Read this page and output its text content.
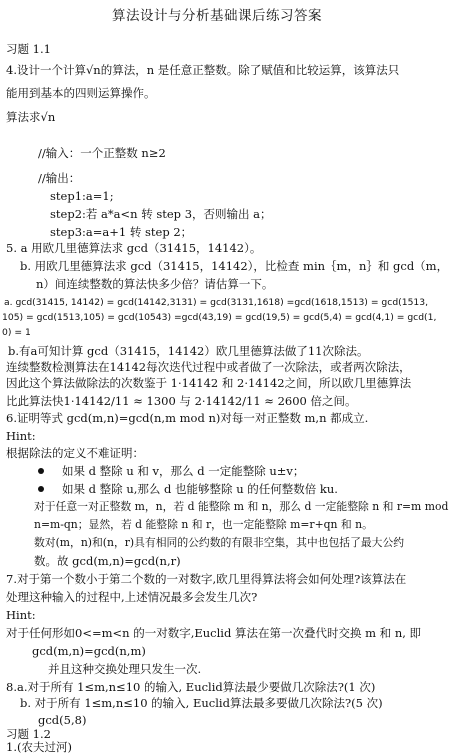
算法设计与分析基础课后练习答案
习题 1.1
4.设计一个计算√n的算法，n 是任意正整数。除了赋值和比较运算，该算法只
能用到基本的四则运算操作。
算法求√n
//输入：一个正整数 n≥2
//输出：
step1:a=1;
step2:若 a*a<n 转 step 3，否则输出 a；
step3:a=a+1 转 step 2；
5. a 用欧几里德算法求 gcd（31415，14142）。
b. 用欧几里德算法求 gcd（31415，14142），比检查 min｛m，n｝和 gcd（m，
n）间连续整数的算法快多少倍？请估算一下。
a. gcd(31415, 14142) = gcd(14142,3131) = gcd(3131,1618) =gcd(1618,1513) = gcd(1513,
105) = gcd(1513,105) = gcd(10543) =gcd(43,19) = gcd(19,5) = gcd(5,4) = gcd(4,1) = gcd(1,
0) = 1
b.有a可知计算 gcd（31415，14142）欧几里德算法做了11次除法。
连续整数检测算法在14142每次迭代过程中或者做了一次除法，或者两次除法，
因此这个算法做除法的次数鉴于 1·14142 和 2·14142之间，所以欧几里德算法
比此算法快1·14142/11 ≈ 1300 与 2·14142/11 ≈ 2600 倍之间。
6.证明等式 gcd(m,n)=gcd(n,m mod n)对每一对正整数 m,n 都成立.
Hint:
根据除法的定义不难证明：
如果 d 整除 u 和 v，那么 d 一定能整除 u±v；
如果 d 整除 u,那么 d 也能够整除 u 的任何整数倍 ku.
对于任意一对正整数 m，n，若 d 能整除 m 和 n，那么 d 一定能整除 n 和 r=m mod
n=m-qn；显然，若 d 能整除 n 和 r，也一定能整除 m=r+qn 和 n。
数对(m，n)和(n，r)具有相同的公约数的有限非空集，其中也包括了最大公约
数。故 gcd(m,n)=gcd(n,r)
7.对于第一个数小于第二个数的一对数字,欧几里得算法将会如何处理?该算法在
处理这种输入的过程中,上述情况最多会发生几次?
Hint:
对于任何形如0<=m<n 的一对数字,Euclid 算法在第一次叠代时交换 m 和 n, 即
gcd(m,n)=gcd(n,m)
并且这种交换处理只发生一次.
8.a.对于所有 1≤m,n≤10 的输入, Euclid算法最少要做几次除法?(1 次)
b. 对于所有 1≤m,n≤10 的输入, Euclid算法最多要做几次除法?(5 次)
gcd(5,8)
习题 1.2
1.(农夫过河)
